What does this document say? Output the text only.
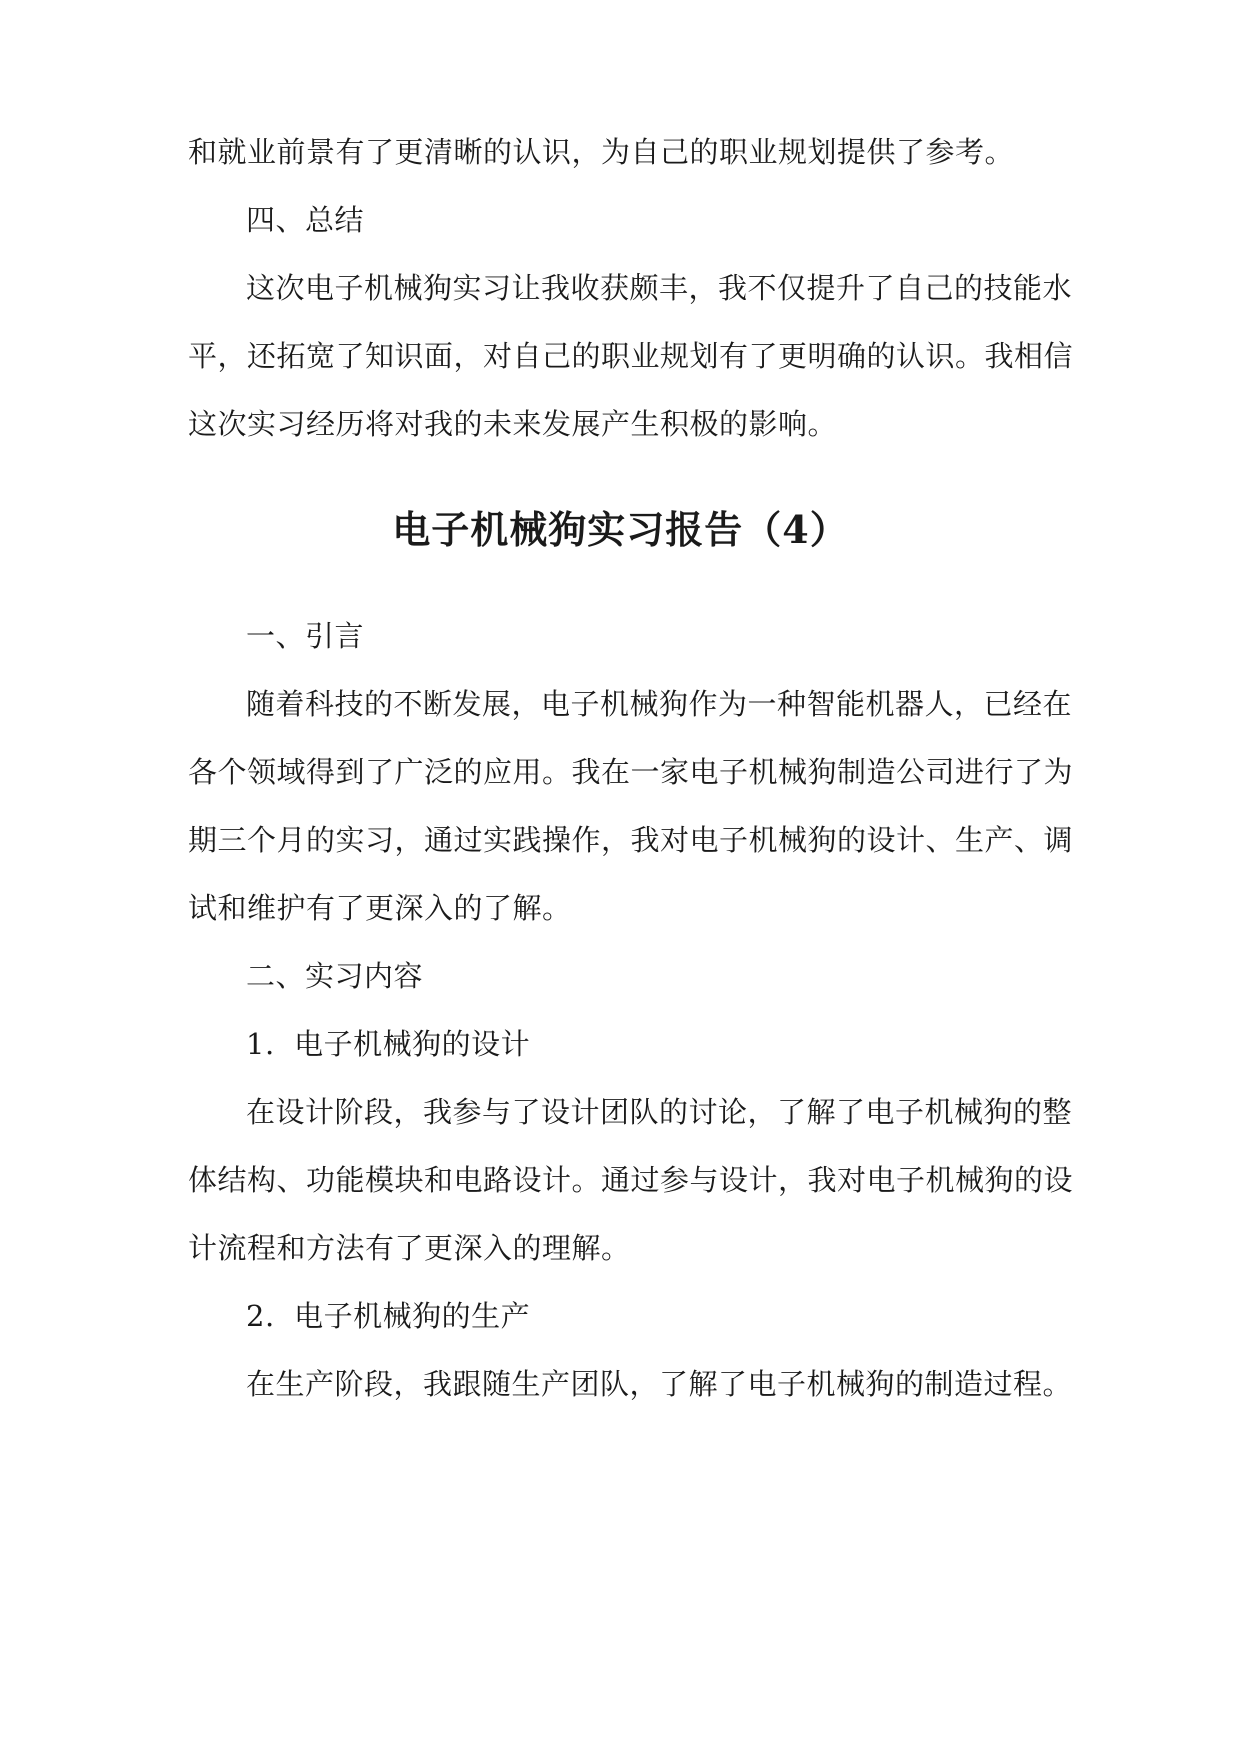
和就业前景有了更清晰的认识，为自己的职业规划提供了参考。
四、总结
这次电子机械狗实习让我收获颇丰，我不仅提升了自己的技能水
平，还拓宽了知识面，对自己的职业规划有了更明确的认识。我相信
这次实习经历将对我的未来发展产生积极的影响。
电子机械狗实习报告（4）
一、引言
随着科技的不断发展，电子机械狗作为一种智能机器人，已经在
各个领域得到了广泛的应用。我在一家电子机械狗制造公司进行了为
期三个月的实习，通过实践操作，我对电子机械狗的设计、生产、调
试和维护有了更深入的了解。
二、实习内容
1.  电子机械狗的设计
在设计阶段，我参与了设计团队的讨论，了解了电子机械狗的整
体结构、功能模块和电路设计。通过参与设计，我对电子机械狗的设
计流程和方法有了更深入的理解。
2.  电子机械狗的生产
在生产阶段，我跟随生产团队，了解了电子机械狗的制造过程。
